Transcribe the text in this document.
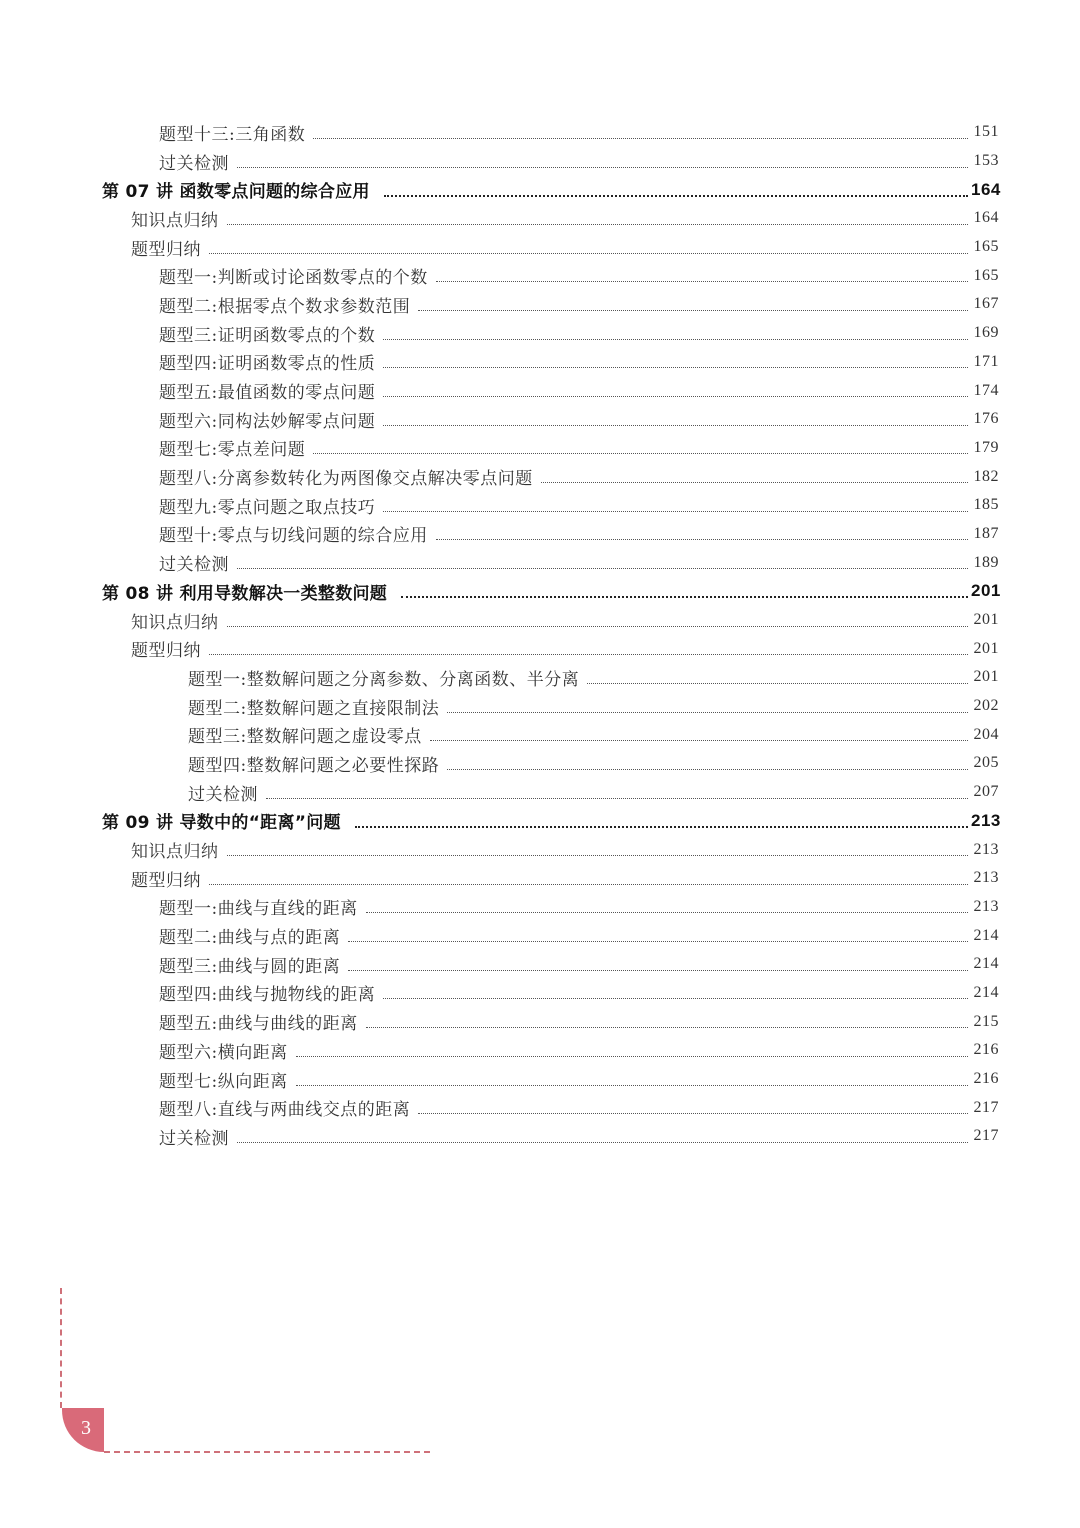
题型十三:三角函数	151
过关检测	153
第 07 讲 函数零点问题的综合应用	164
知识点归纳	164
题型归纳	165
题型一:判断或讨论函数零点的个数	165
题型二:根据零点个数求参数范围	167
题型三:证明函数零点的个数	169
题型四:证明函数零点的性质	171
题型五:最值函数的零点问题	174
题型六:同构法妙解零点问题	176
题型七:零点差问题	179
题型八:分离参数转化为两图像交点解决零点问题	182
题型九:零点问题之取点技巧	185
题型十:零点与切线问题的综合应用	187
过关检测	189
第 08 讲 利用导数解决一类整数问题	201
知识点归纳	201
题型归纳	201
题型一:整数解问题之分离参数、分离函数、半分离	201
题型二:整数解问题之直接限制法	202
题型三:整数解问题之虚设零点	204
题型四:整数解问题之必要性探路	205
过关检测	207
第 09 讲 导数中的“距离”问题	213
知识点归纳	213
题型归纳	213
题型一:曲线与直线的距离	213
题型二:曲线与点的距离	214
题型三:曲线与圆的距离	214
题型四:曲线与抛物线的距离	214
题型五:曲线与曲线的距离	215
题型六:横向距离	216
题型七:纵向距离	216
题型八:直线与两曲线交点的距离	217
过关检测	217
3
